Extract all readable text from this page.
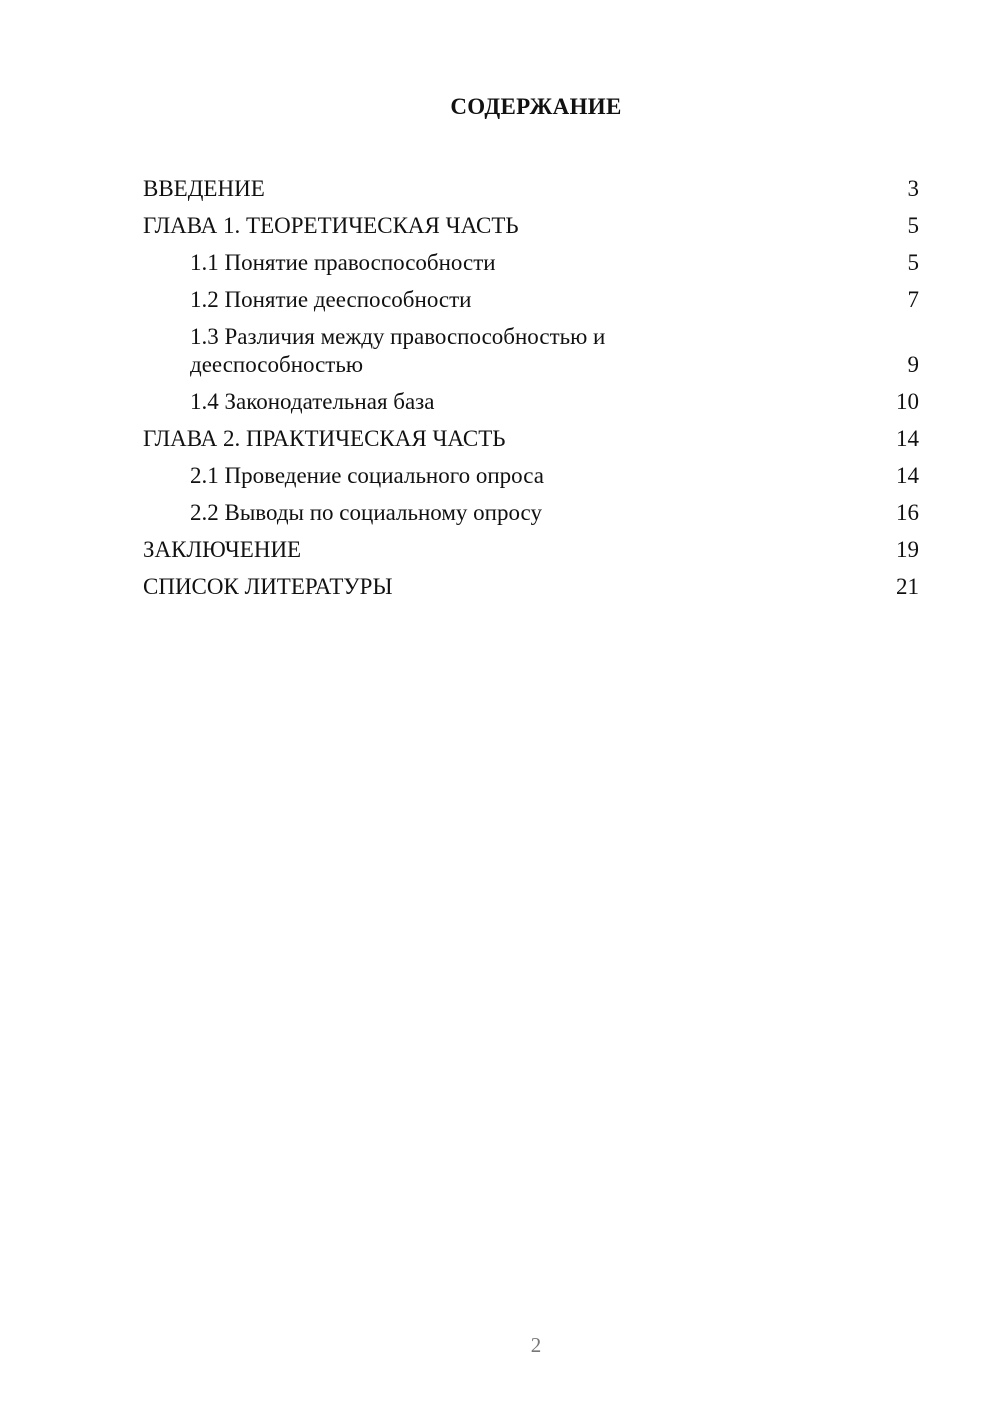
СОДЕРЖАНИЕ
ВВЕДЕНИЕ	3
ГЛАВА 1. ТЕОРЕТИЧЕСКАЯ ЧАСТЬ	5
1.1 Понятие правоспособности	5
1.2 Понятие дееспособности	7
1.3 Различия между правоспособностью и дееспособностью	9
1.4 Законодательная база	10
ГЛАВА 2. ПРАКТИЧЕСКАЯ ЧАСТЬ	14
2.1 Проведение социального опроса	14
2.2 Выводы по социальному опросу	16
ЗАКЛЮЧЕНИЕ	19
СПИСОК ЛИТЕРАТУРЫ	21
2
